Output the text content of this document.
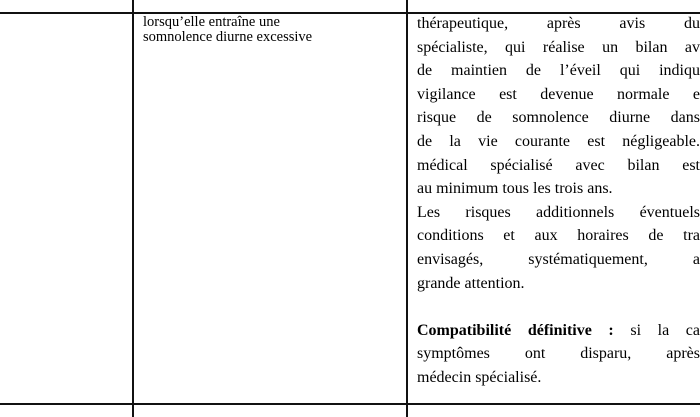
lorsqu’elle entraîne une
somnolence diurne excessive
thérapeutique, après avis du
spécialiste, qui réalise un bilan av
de maintien de l’éveil qui indiqu
vigilance est devenue normale e
risque de somnolence diurne dans
de la vie courante est négligeable.
médical spécialisé avec bilan est
au minimum tous les trois ans.
Les risques additionnels éventuels
conditions et aux horaires de tra
envisagés, systématiquement, a
grande attention.
Compatibilité définitive : si la ca
symptômes ont disparu, après
médecin spécialisé.
